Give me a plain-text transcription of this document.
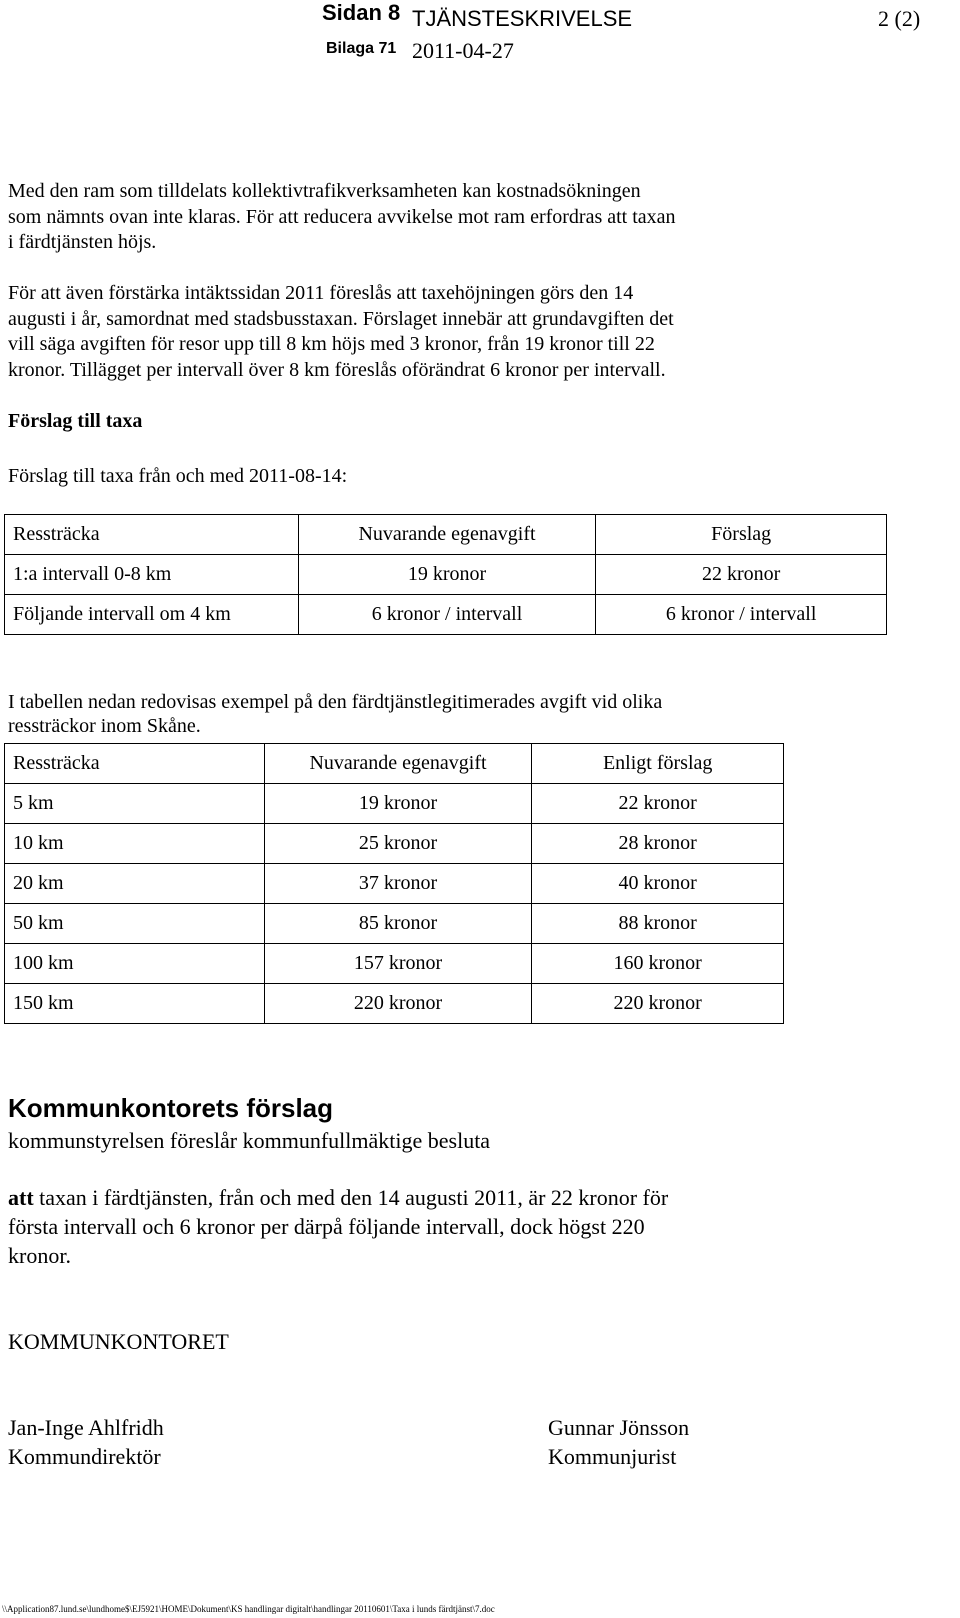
Sidan 8 TJÄNSTESKRIVELSE	2 (2)
Bilaga 71 2011-04-27

Med den ram som tilldelats kollektivtrafikverksamheten kan kostnadsökningen

som nämnts ovan inte klaras. För att reducera avvikelse mot ram erfordras att taxan

i färdtjänsten höjs.

För att även förstärka intäktssidan 2011 föreslås att taxehöjningen görs den 14

augusti i år, samordnat med stadsbusstaxan. Förslaget innebär att grundavgiften det

vill säga avgiften för resor upp till 8 km höjs med 3 kronor, från 19 kronor till 22

kronor. Tillägget per intervall över 8 km föreslås oförändrat 6 kronor per intervall.

Förslag till taxa
Förslag till taxa från och med 2011-08-14:
Ressträcka	Nuvarande egenavgift	Förslag
1:a intervall 0-8 km	19 kronor	22 kronor
Följande intervall om 4 km	6 kronor / intervall	6 kronor / intervall

I tabellen nedan redovisas exempel på den färdtjänstlegitimerades avgift vid olika

ressträckor inom Skåne.

Ressträcka	Nuvarande egenavgift	Enligt förslag
5 km	19 kronor	22 kronor
10 km	25 kronor	28 kronor
20 km	37 kronor	40 kronor
50 km	85 kronor	88 kronor
100 km	157 kronor	160 kronor
150 km	220 kronor	220 kronor
Kommunkontorets förslag
kommunstyrelsen föreslår kommunfullmäktige besluta
att taxan i färdtjänsten, från och med den 14 augusti 2011, är 22 kronor för
första intervall och 6 kronor per därpå följande intervall, dock högst 220
kronor.
KOMMUNKONTORET
Jan-Inge Ahlfridh
Kommundirektör
Gunnar Jönsson
Kommunjurist
\\Application87.lund.se\lundhome$\EJ5921\HOME\Dokument\KS handlingar digitalt\handlingar 20110601\Taxa i lunds färdtjänst\7.doc
